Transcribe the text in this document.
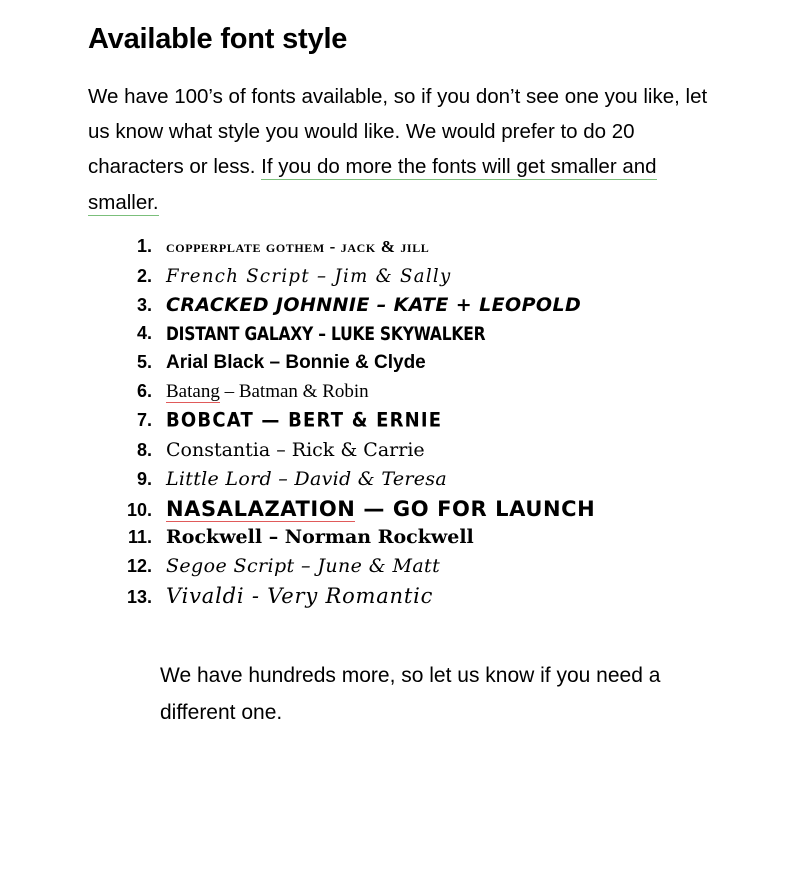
Available font style

We have 100’s of fonts available, so if you don’t see one you like, let us know what style you would like. We would prefer to do 20 characters or less. If you do more the fonts will get smaller and smaller.

1. copperplate gothem - jack & jill
2. French Script – Jim & Sally
3. CRACKED JOHNNIE – KATE + LEOPOLD
4. DISTANT GALAXY – LUKE SKYWALKER
5. Arial Black – Bonnie & Clyde
6. Batang – Batman & Robin
7. BOBCAT — BERT & ERNIE
8. Constantia – Rick & Carrie
9. Little Lord – David & Teresa
10. NASALAZATION — GO FOR LAUNCH
11. Rockwell – Norman Rockwell
12. Segoe Script – June & Matt
13. Vivaldi - Very Romantic

We have hundreds more, so let us know if you need a different one.
